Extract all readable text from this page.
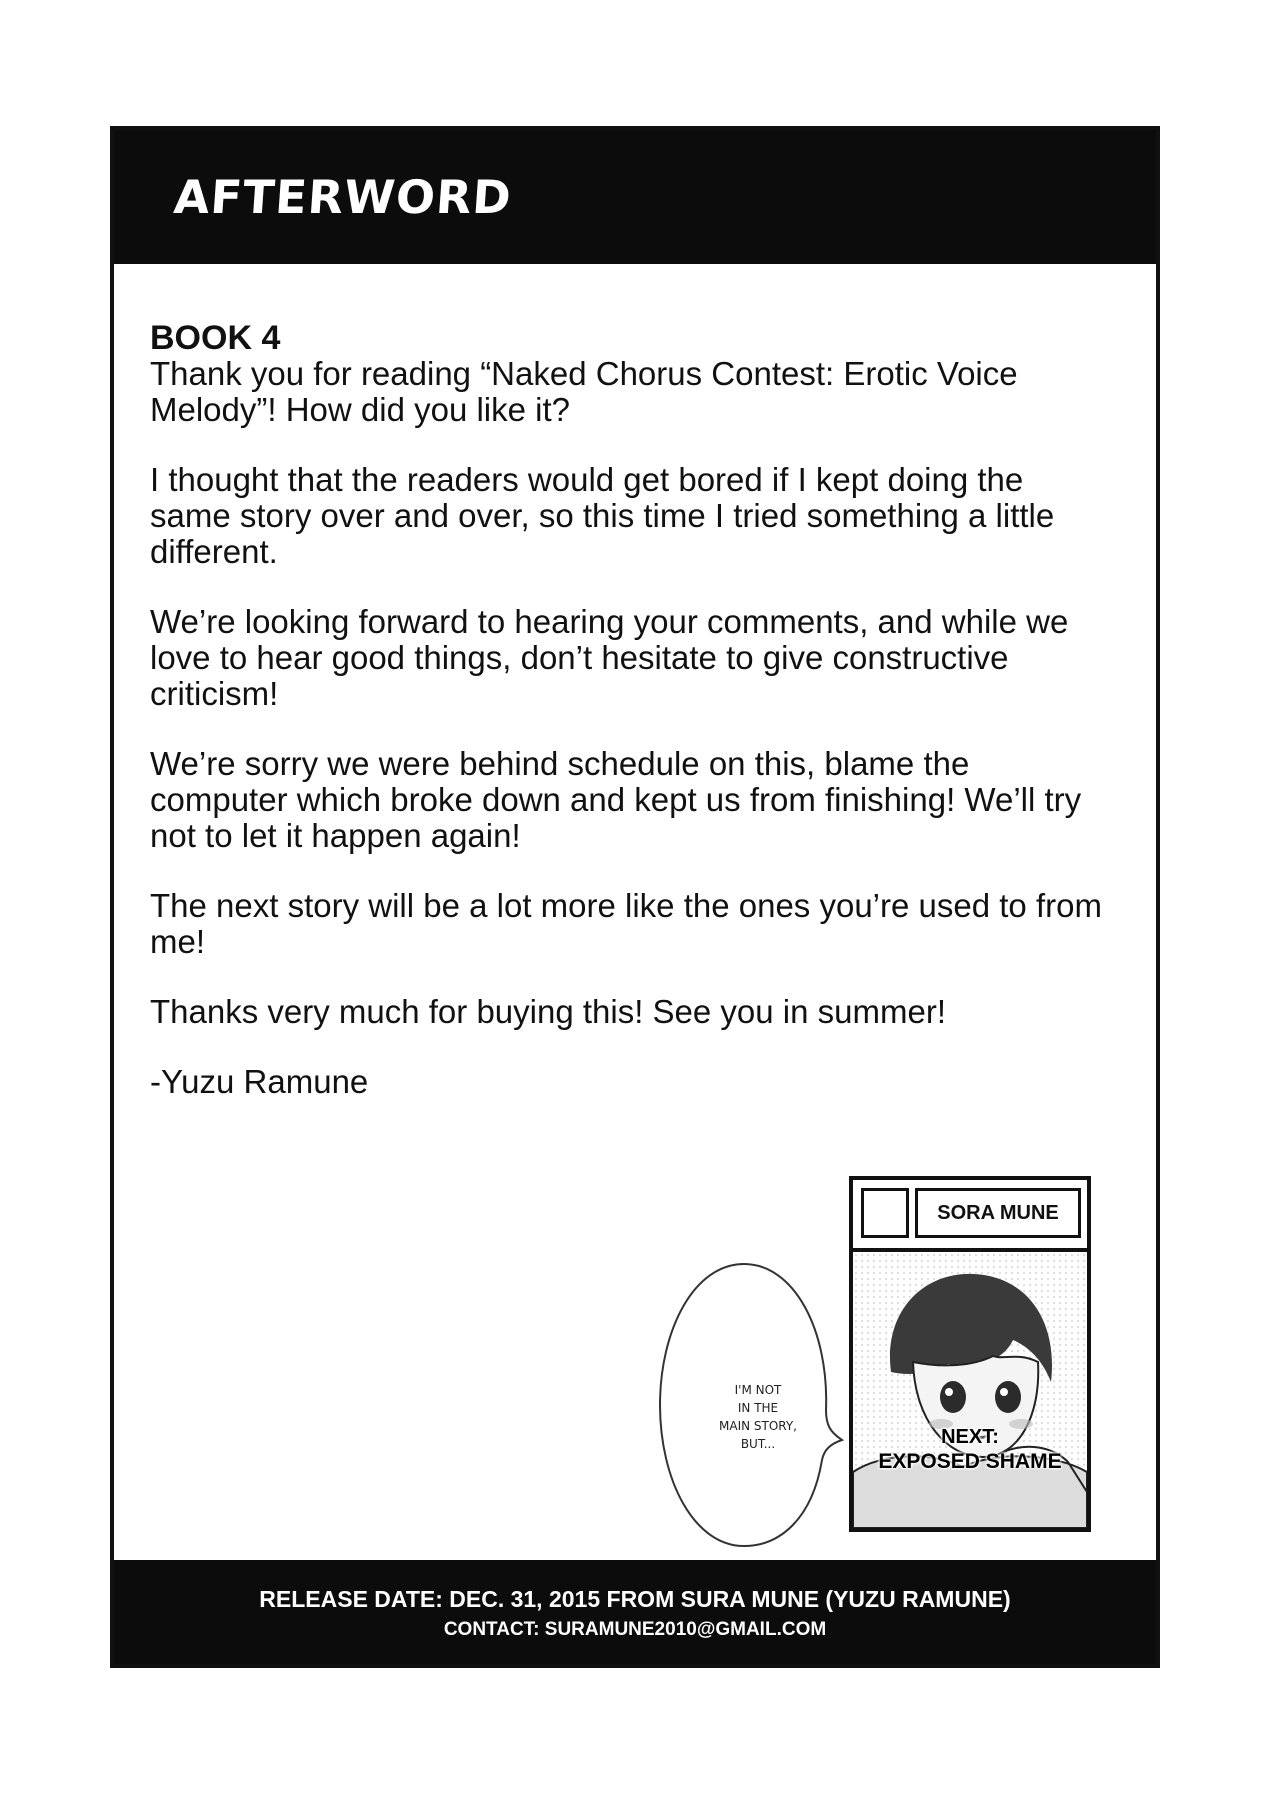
AFTERWORD

BOOK 4

Thank you for reading “Naked Chorus Contest: Erotic Voice Melody”! How did you like it?

I thought that the readers would get bored if I kept doing the same story over and over, so this time I tried something a little different.

We’re looking forward to hearing your comments, and while we love to hear good things, don’t hesitate to give constructive criticism!

We’re sorry we were behind schedule on this, blame the computer which broke down and kept us from finishing! We’ll try not to let it happen again!

The next story will be a lot more like the ones you’re used to from me!

Thanks very much for buying this! See you in summer!

-Yuzu Ramune

I'M NOT
IN THE
MAIN STORY,
BUT...
SORA MUNE
NEXT:
EXPOSED SHAME
RELEASE DATE: DEC. 31, 2015 FROM SURA MUNE (YUZU RAMUNE)
CONTACT: SURAMUNE2010@GMAIL.COM
